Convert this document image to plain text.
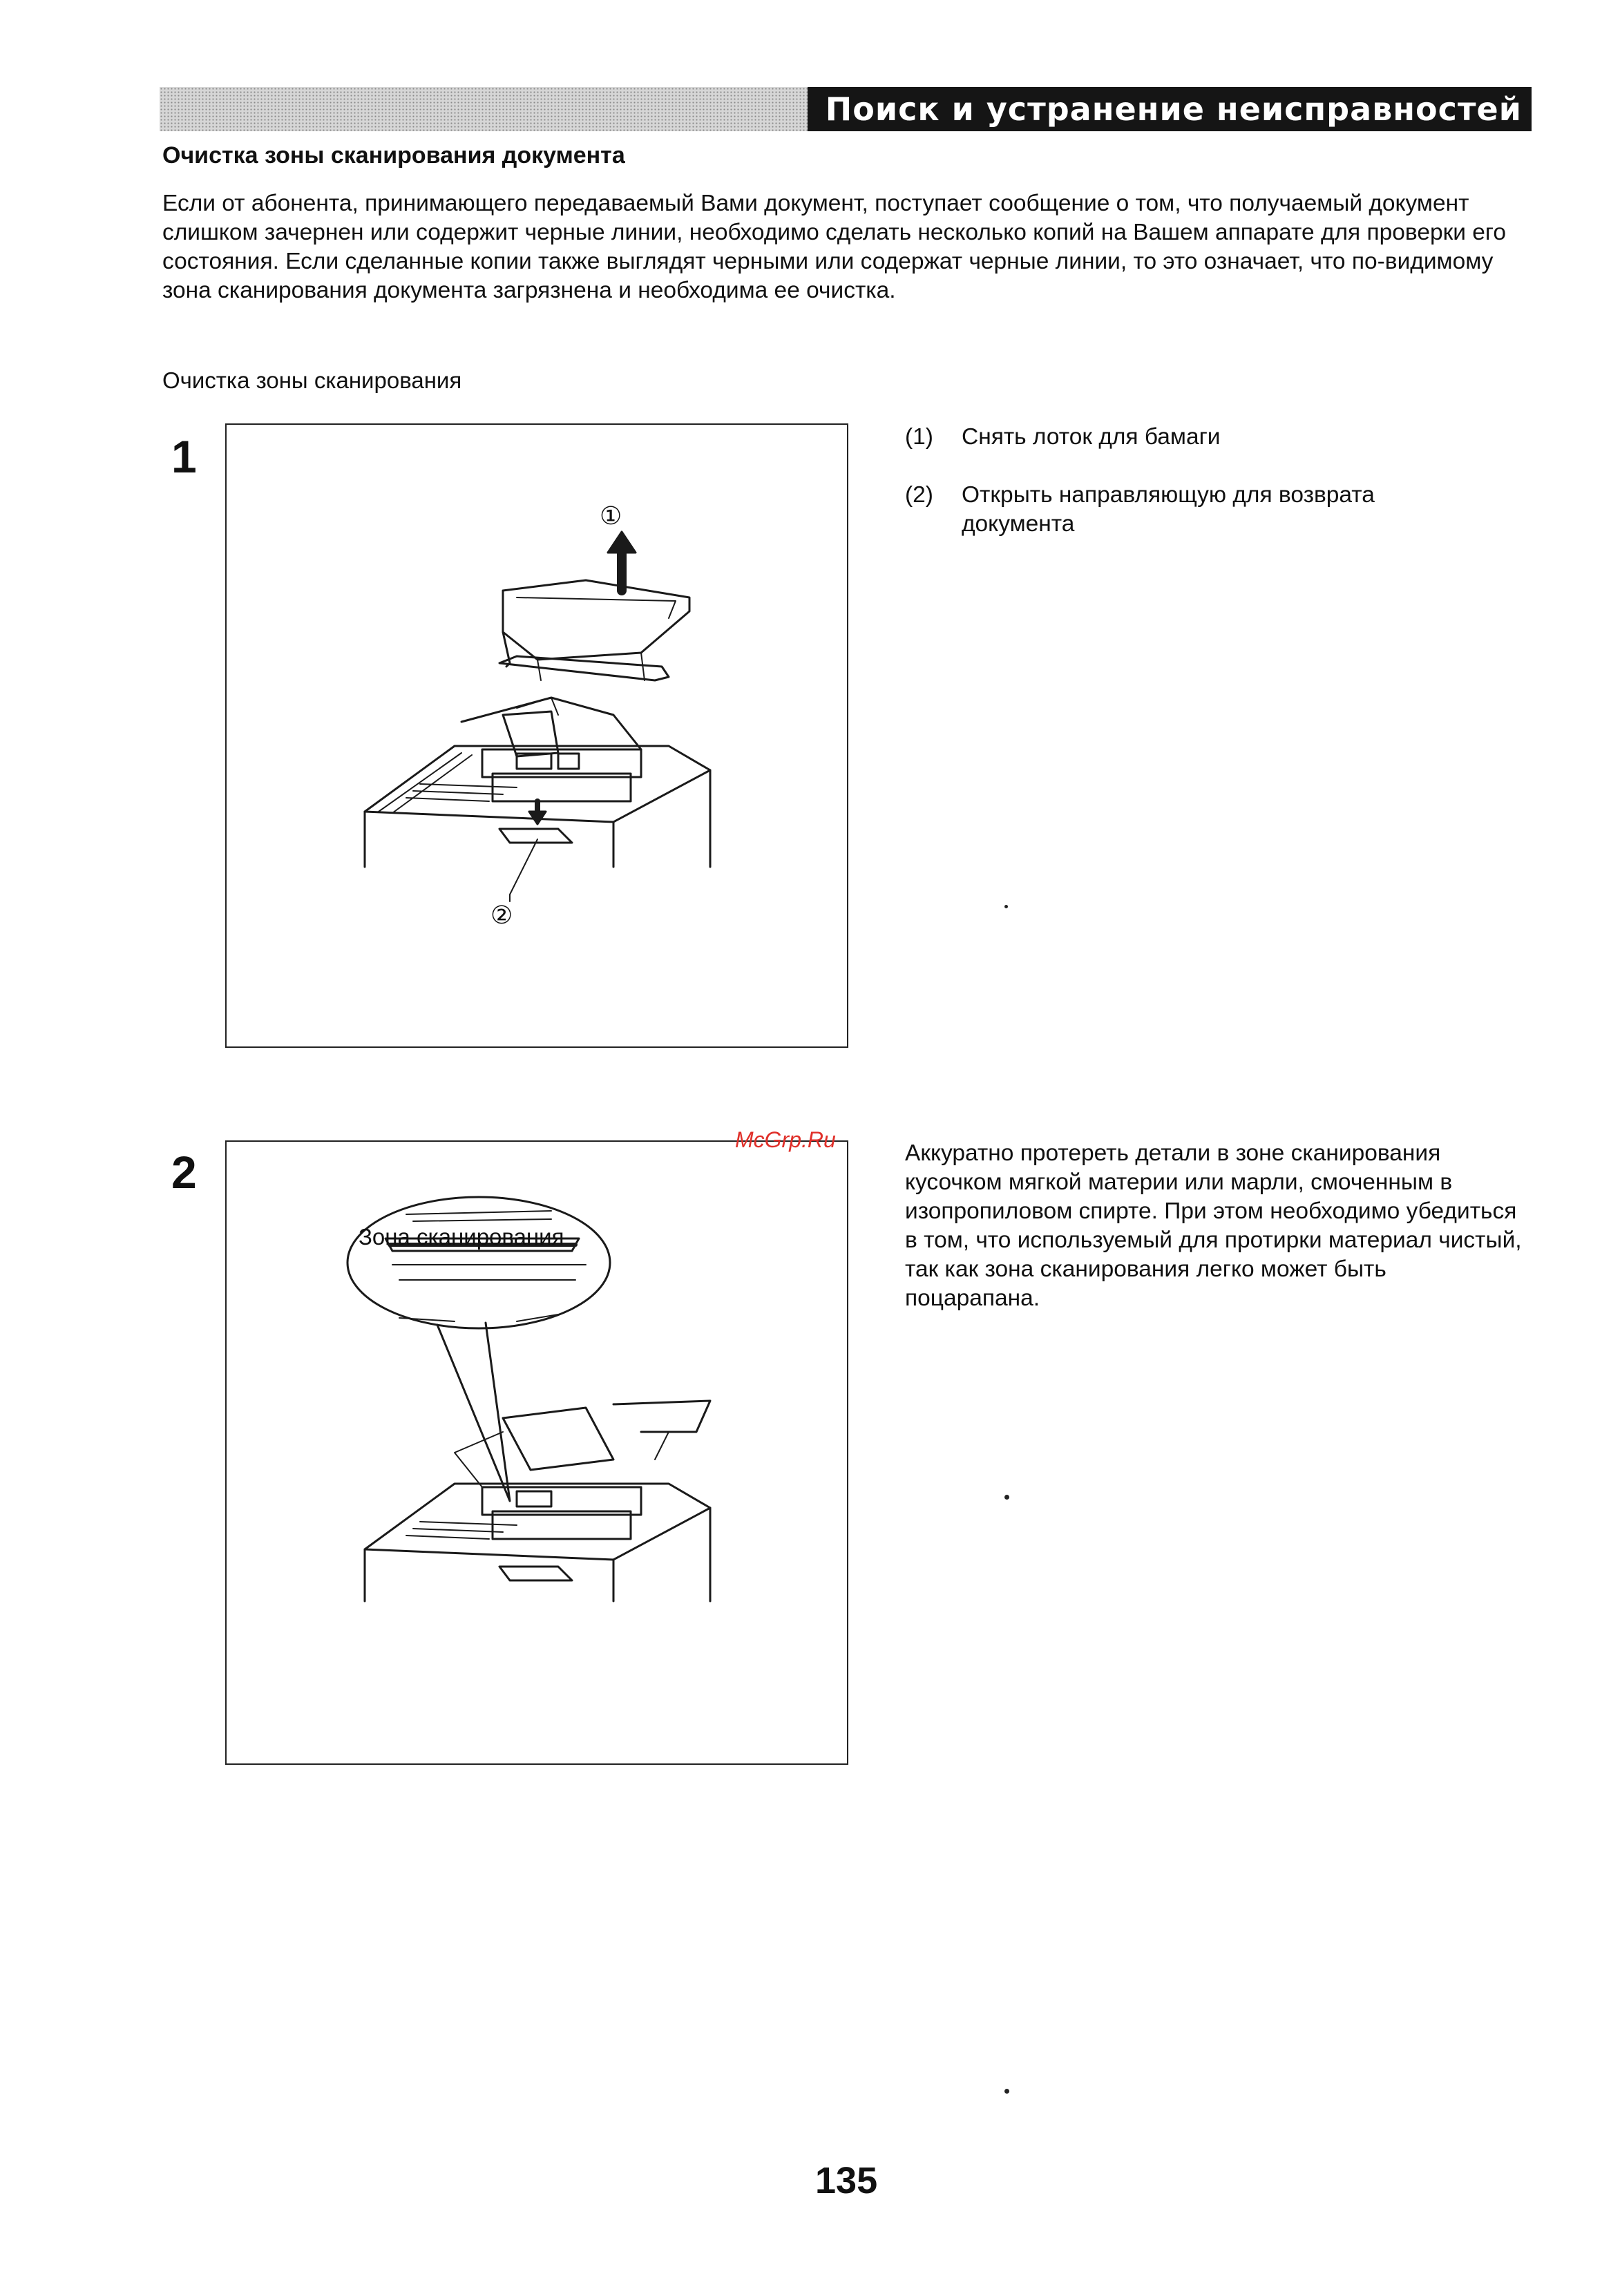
Поиск и устранение неисправностей
Очистка зоны сканирования документа

Если от абонента, принимающего передаваемый Вами документ, поступает сообщение о том, что получаемый документ слишком зачернен или содержит черные линии, необходимо сделать несколько копий на Вашем аппарате для проверки его состояния. Если сделанные копии также выглядят черными или содержат черные линии, то это означает, что по-видимому зона сканирования документа загрязнена и необходима ее очистка.

Очистка зоны сканирования
1
①
②
(1) Снять лоток для бамаги
(2) Открыть направляющую для возврата документа
2
Зона сканирования

Аккуратно протереть детали в зоне сканирования кусочком мягкой материи или марли, смоченным в изопропиловом спирте. При этом необходимо убедиться в том, что используемый для протирки материал чистый, так как зона сканирования легко может быть поцарапана.

McGrp.Ru
135
